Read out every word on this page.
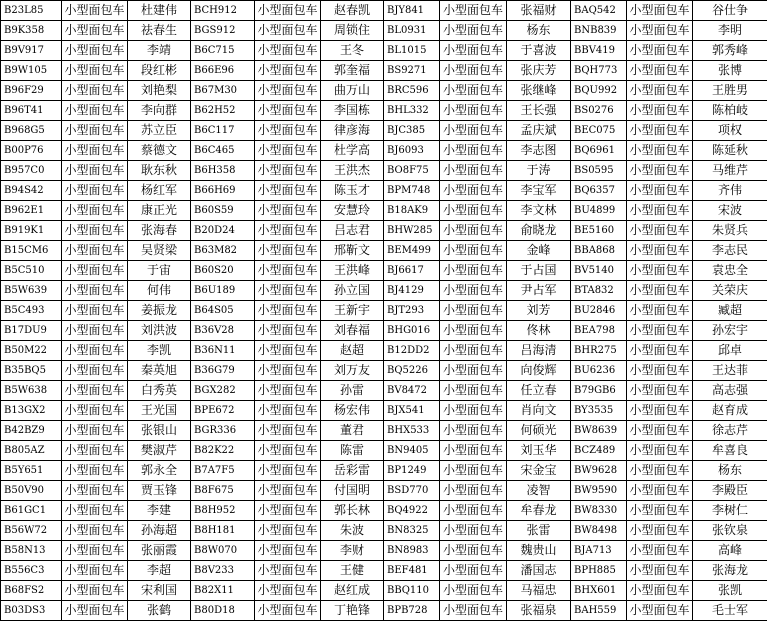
B23L85	小型面包车	杜建伟	BCH912	小型面包车	赵春凯	BJY841	小型面包车	张福财	BAQ542	小型面包车	谷仕争
B9K358	小型面包车	祛春生	BGS912	小型面包车	周锁住	BL0931	小型面包车	杨东	BNB839	小型面包车	李明
B9V917	小型面包车	李靖	B6C715	小型面包车	王冬	BL1015	小型面包车	于喜波	BBV419	小型面包车	郭秀峰
B9W105	小型面包车	段红彬	B66E96	小型面包车	郭奎福	BS9271	小型面包车	张庆芳	BQH773	小型面包车	张博
B96F29	小型面包车	刘艳梨	B67M30	小型面包车	曲万山	BRC596	小型面包车	张继峰	BQU992	小型面包车	王胜男
B96T41	小型面包车	李向群	B62H52	小型面包车	李国栋	BHL332	小型面包车	王长强	BS0276	小型面包车	陈柏岐
B968G5	小型面包车	苏立臣	B6C117	小型面包车	律彦海	BJC385	小型面包车	孟庆斌	BEC075	小型面包车	项权
B00P76	小型面包车	蔡德文	B6C465	小型面包车	杜学高	BJ6093	小型面包车	李志图	BQ6961	小型面包车	陈延秋
B957C0	小型面包车	耿东秋	B6H358	小型面包车	王洪杰	BO8F75	小型面包车	于涛	BS0595	小型面包车	马维芹
B94S42	小型面包车	杨红军	B66H69	小型面包车	陈玉才	BPM748	小型面包车	李宝军	BQ6357	小型面包车	齐伟
B962E1	小型面包车	康正光	B60S59	小型面包车	安慧玲	B18AK9	小型面包车	李文林	BU4899	小型面包车	宋波
B919K1	小型面包车	张海春	B20D24	小型面包车	吕志君	BHW285	小型面包车	俞晓龙	BE5160	小型面包车	朱贤兵
B15CM6	小型面包车	吴贤梁	B63M82	小型面包车	邢靳文	BEM499	小型面包车	金峰	BBA868	小型面包车	李志民
B5C510	小型面包车	于宙	B60S20	小型面包车	王洪峰	BJ6617	小型面包车	于占国	BV5140	小型面包车	袁忠全
B5W639	小型面包车	何伟	B6U189	小型面包车	孙立国	BJ4129	小型面包车	尹占军	BTA832	小型面包车	关荣庆
B5C493	小型面包车	姜振龙	B64S05	小型面包车	王新宇	BJT293	小型面包车	刘芳	BU2846	小型面包车	臧超
B17DU9	小型面包车	刘洪波	B36V28	小型面包车	刘春福	BHG016	小型面包车	佟林	BEA798	小型面包车	孙宏宇
B50M22	小型面包车	李凯	B36N11	小型面包车	赵超	B12DD2	小型面包车	吕海清	BHR275	小型面包车	邱卓
B35BQ5	小型面包车	秦英旭	B36G79	小型面包车	刘万友	BQ5226	小型面包车	向俊辉	BU6236	小型面包车	王达菲
B5W638	小型面包车	白秀英	BGX282	小型面包车	孙雷	BV8472	小型面包车	任立春	B79GB6	小型面包车	高志强
B13GX2	小型面包车	王光国	BPE672	小型面包车	杨宏伟	BJX541	小型面包车	肖向文	BY3535	小型面包车	赵育成
B42BZ9	小型面包车	张银山	BGR336	小型面包车	董君	BHX533	小型面包车	何硕光	BW8639	小型面包车	徐志芹
B805AZ	小型面包车	樊淑芹	B82K22	小型面包车	陈雷	BN9405	小型面包车	刘玉华	BCZ489	小型面包车	牟喜良
B5Y651	小型面包车	郭永全	B7A7F5	小型面包车	岳彩雷	BP1249	小型面包车	宋金宝	BW9628	小型面包车	杨东
B50V90	小型面包车	贾玉锋	B8F675	小型面包车	付国明	BSD770	小型面包车	凌智	BW9590	小型面包车	李殿臣
B61GC1	小型面包车	李建	B8H952	小型面包车	郭长林	BQ4922	小型面包车	牟春龙	BW8330	小型面包车	李树仁
B56W72	小型面包车	孙海超	B8H181	小型面包车	朱波	BN8325	小型面包车	张雷	BW8498	小型面包车	张钦泉
B58N13	小型面包车	张丽霞	B8W070	小型面包车	李财	BN8983	小型面包车	魏贵山	BJA713	小型面包车	高峰
B556C3	小型面包车	李超	B8V233	小型面包车	王健	BEF481	小型面包车	潘国志	BPH885	小型面包车	张海龙
B68FS2	小型面包车	宋利国	B82X11	小型面包车	赵红成	BBQ110	小型面包车	马福忠	BHX601	小型面包车	张凯
B03DS3	小型面包车	张鹤	B80D18	小型面包车	丁艳锋	BPB728	小型面包车	张福泉	BAH559	小型面包车	毛士军
